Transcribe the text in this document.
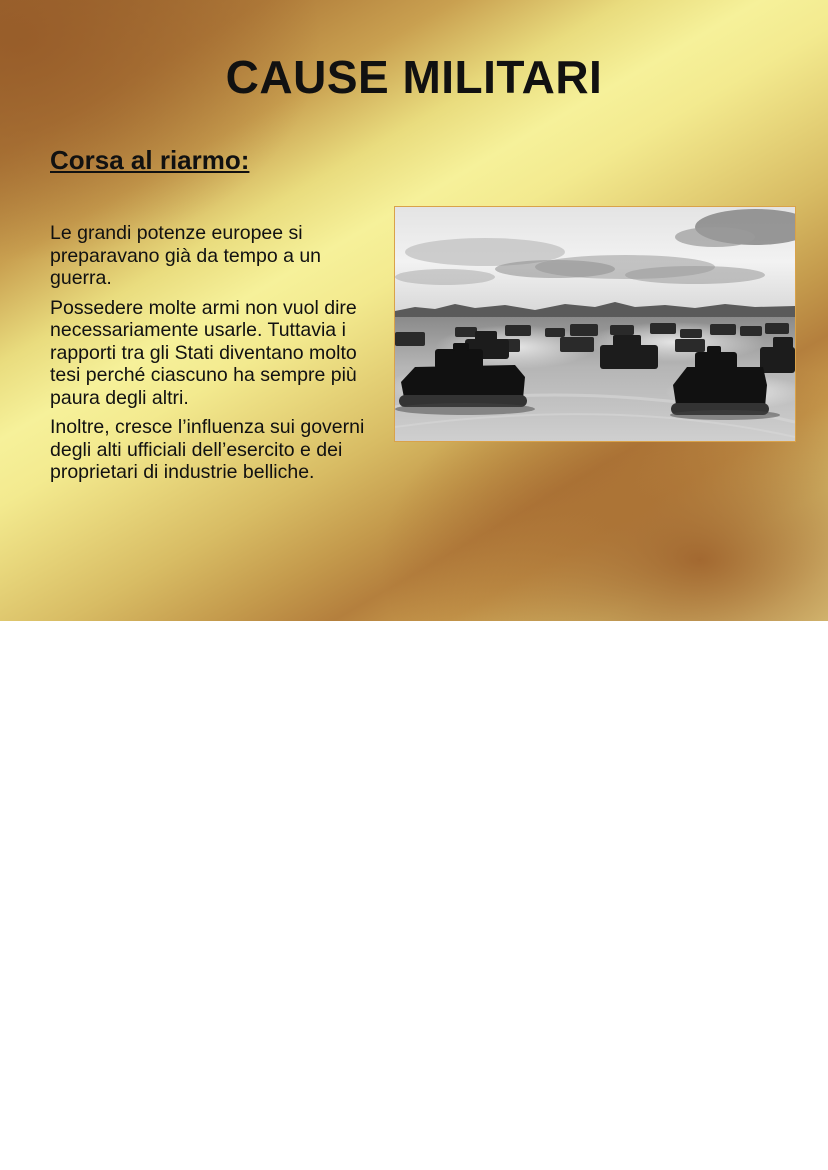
CAUSE MILITARI
Corsa al riarmo:

Le grandi potenze europee si preparavano già da tempo a un guerra.

Possedere molte armi non vuol dire necessariamente usarle. Tuttavia i rapporti tra gli Stati diventano molto tesi perché ciascuno ha sempre più paura degli altri.

Inoltre, cresce l’influenza sui governi degli alti ufficiali dell’esercito e dei proprietari di industrie belliche.
